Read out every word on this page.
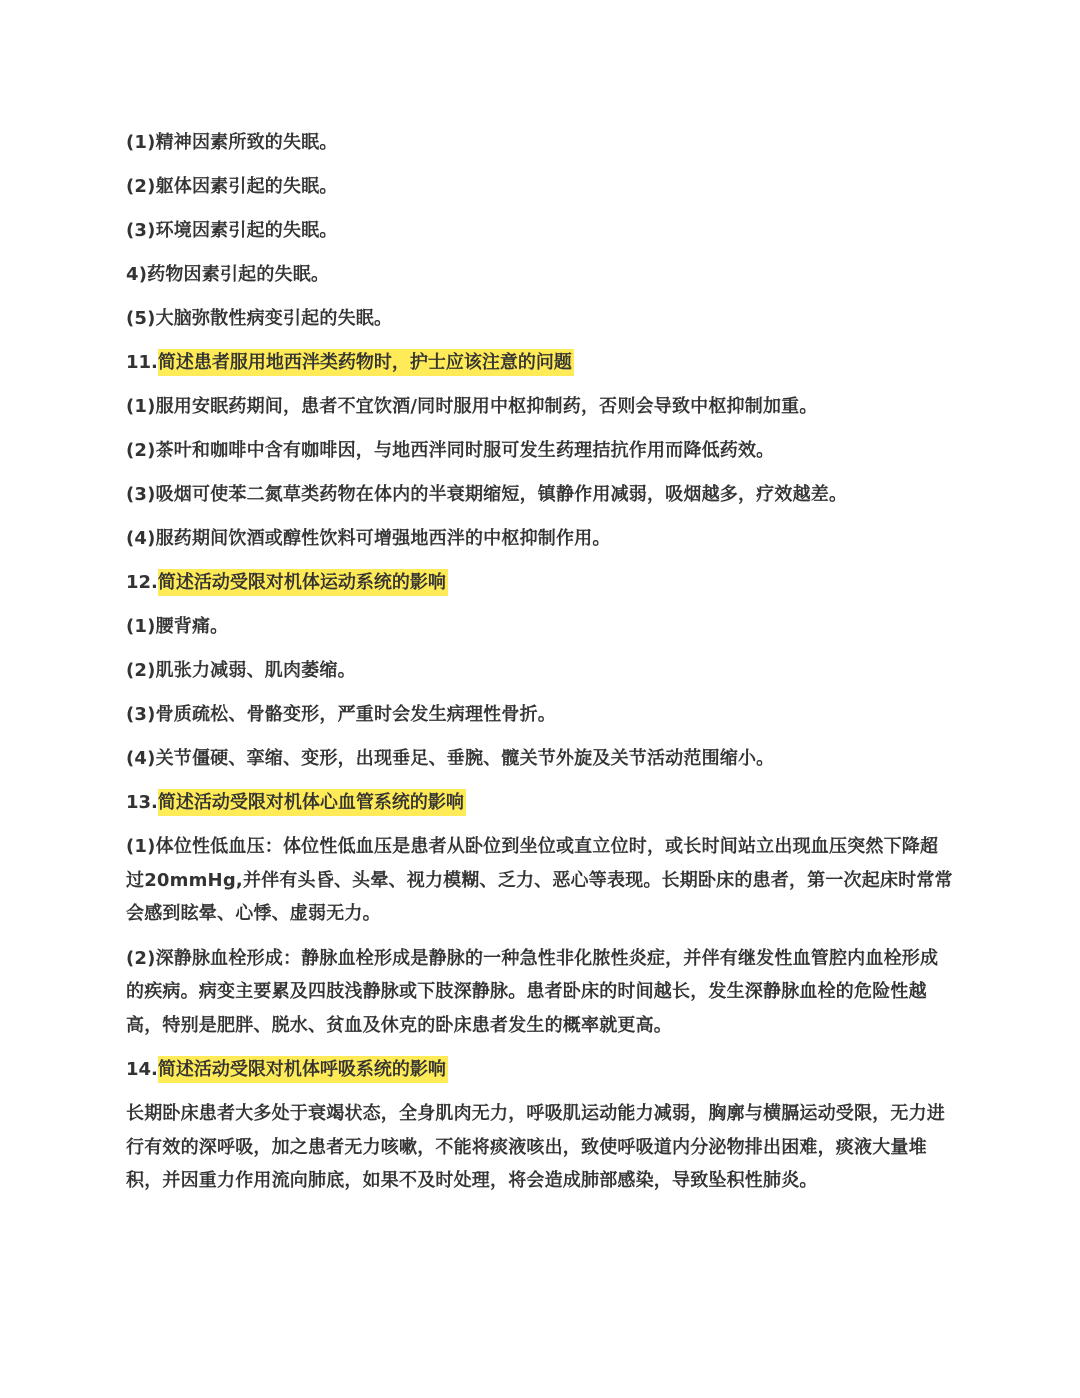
(1)精神因素所致的失眠。

(2)躯体因素引起的失眠。

(3)环境因素引起的失眠。

4)药物因素引起的失眠。

(5)大脑弥散性病变引起的失眠。

11.简述患者服用地西泮类药物时，护士应该注意的问题

(1)服用安眠药期间，患者不宜饮酒/同时服用中枢抑制药，否则会导致中枢抑制加重。

(2)茶叶和咖啡中含有咖啡因，与地西泮同时服可发生药理拮抗作用而降低药效。

(3)吸烟可使苯二氮草类药物在体内的半衰期缩短，镇静作用减弱，吸烟越多，疗效越差。

(4)服药期间饮酒或醇性饮料可增强地西泮的中枢抑制作用。

12.简述活动受限对机体运动系统的影响

(1)腰背痛。

(2)肌张力减弱、肌肉萎缩。

(3)骨质疏松、骨骼变形，严重时会发生病理性骨折。

(4)关节僵硬、挛缩、变形，出现垂足、垂腕、髋关节外旋及关节活动范围缩小。

13.简述活动受限对机体心血管系统的影响

(1)体位性低血压：体位性低血压是患者从卧位到坐位或直立位时，或长时间站立出现血压突然下降超过20mmHg,并伴有头昏、头晕、视力模糊、乏力、恶心等表现。长期卧床的患者，第一次起床时常常会感到眩晕、心悸、虚弱无力。

(2)深静脉血栓形成：静脉血栓形成是静脉的一种急性非化脓性炎症，并伴有继发性血管腔内血栓形成的疾病。病变主要累及四肢浅静脉或下肢深静脉。患者卧床的时间越长，发生深静脉血栓的危险性越高，特别是肥胖、脱水、贫血及休克的卧床患者发生的概率就更高。

14.简述活动受限对机体呼吸系统的影响

长期卧床患者大多处于衰竭状态，全身肌肉无力，呼吸肌运动能力减弱，胸廓与横膈运动受限，无力进行有效的深呼吸，加之患者无力咳嗽，不能将痰液咳出，致使呼吸道内分泌物排出困难，痰液大量堆积，并因重力作用流向肺底，如果不及时处理，将会造成肺部感染，导致坠积性肺炎。
